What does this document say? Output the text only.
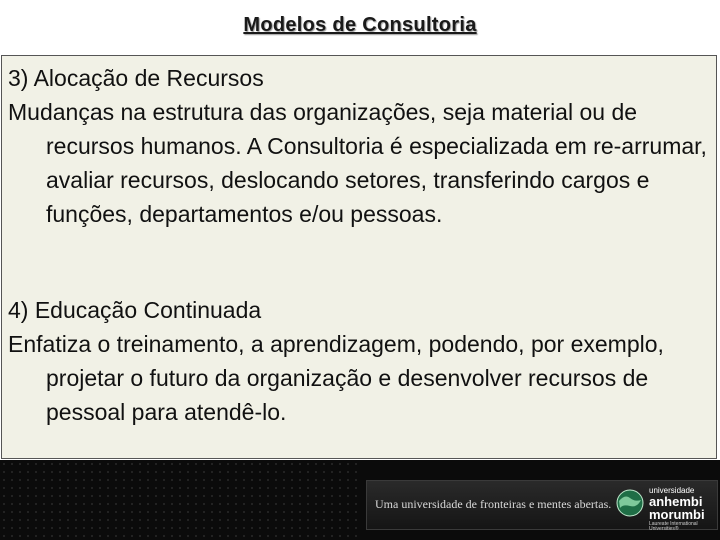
Modelos de Consultoria
3) Alocação de Recursos
Mudanças na estrutura das organizações, seja material ou de recursos humanos. A Consultoria é especializada em re-arrumar, avaliar recursos, deslocando setores, transferindo cargos e funções, departamentos e/ou pessoas.
4) Educação Continuada
Enfatiza o treinamento, a aprendizagem, podendo, por exemplo, projetar o futuro da organização e desenvolver recursos de pessoal para atendê-lo.
Uma universidade de fronteiras e mentes abertas.
universidade
anhembi
morumbi
Laureate International Universities®
